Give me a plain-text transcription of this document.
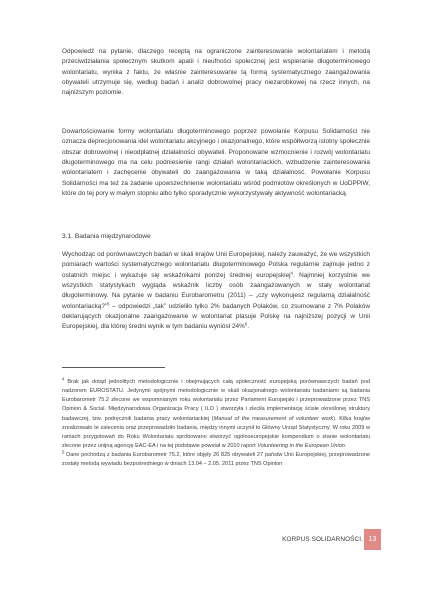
Odpowiedź na pytanie, dlaczego receptą na ograniczone zainteresowanie wolontariatem i metodą przeciwdziałania społecznym skutkom apatii i nieufności społecznej jest wspieranie długoterminowego wolontariatu, wynika z faktu, że właśnie zainteresowanie tą formą systematycznego zaangażowania obywateli utrzymuje się, według badań i analiz dobrowolnej pracy niezarobkowej na rzecz innych, na najniższym poziomie.

Dowartościowanie formy wolontariatu długoterminowego poprzez powołanie Korpusu Solidarności nie oznacza deprecjonowania idei wolontariatu akcyjnego i okazjonalnego, które współtworzą istotny społecznie obszar dobrowolnej i nieodpłatnej działalności obywateli. Proponowane wzmocnienie i rozwój wolontariatu długoterminowego ma na celu podniesienie rangi działań wolontariackich, wzbudzenie zainteresowania wolontariatem i zachęcenie obywateli do zaangażowania w taką działalność. Powołanie Korpusu Solidarności ma też za zadanie upowszechnienie wolontariatu wśród podmiotów określonych w UoDPPiW, które do tej pory w małym stopniu albo tylko sporadycznie wykorzystywały aktywność wolontariacką.

3.1. Badania międzynarodowe

Wychodząc od porównawczych badań w skali krajów Unii Europejskiej, należy zauważyć, że we wszystkich pomiarach wartości systematycznego wolontariatu długoterminowego Polska regularnie zajmuje jedno z ostatnich miejsc i wykazuje się wskaźnikami poniżej średniej europejskiej$^4$. Najmniej korzystnie we wszystkich statystykach wygląda wskaźnik liczby osób zaangażowanych w stały wolontariat długoterminowy. Na pytanie w badaniu Eurobarometru (2011) – „czy wykonujesz regularną działalność wolontariacką?”$^5$ – odpowiedzi „tak” udzieliło tylko 2% badanych Polaków, co zsumowane z 7% Polaków deklarujących okazjonalne zaangażowanie w wolontariat plasuje Polskę na najniższej pozycji w Unii Europejskiej, dla której średni wynik w tym badaniu wyniósł 24%$^6$.

$^4$ Brak jak dotąd jednolitych metodologicznie i obejmujących całą społeczność europejską porównawczych badań pod nadzorem EUROSTATU. Jedynymi spójnymi metodologicznie w skali okazjonalnego wolontariatu badaniami są badania Eurobarometr 75.2 zlecone we wspomnianym roku wolontariatu przez Parlament Europejski i przeprowadzone przez TNS Opinion & Social. Międzynarodowa Organizacja Pracy ( ILO ) stworzyła i zleciła implementację ścisłe określonej struktury badawczej, tzw. podręcznik badania pracy wolontariackiej (Manual of the measurement of volunteer work). Kilka krajów zrealizowało te zalecenia oraz przeprowadziło badania, między innymi uczynił to Główny Urząd Statystyczny. W roku 2009 w ramach przygotowań do Roku Wolontariatu spróbowano stworzyć ogólnoeuropejskie kompendium o stanie wolontariatu zlecone przez unijną agencję EAC-EA i na tej podstawie powstał w 2010 raport Volunteering in the European Union.

$^5$ Dane pochodzą z badania Eurobarometr 75.2, które objęły 26 825 obywateli 27 państw Unii Europejskiej, przeprowadzone zostały metodą wywiadu bezpośredniego w dniach 13.04 – 2.05. 2011 przez TNS Opinion

KORPUS SOLIDARNOŚCI. 13
